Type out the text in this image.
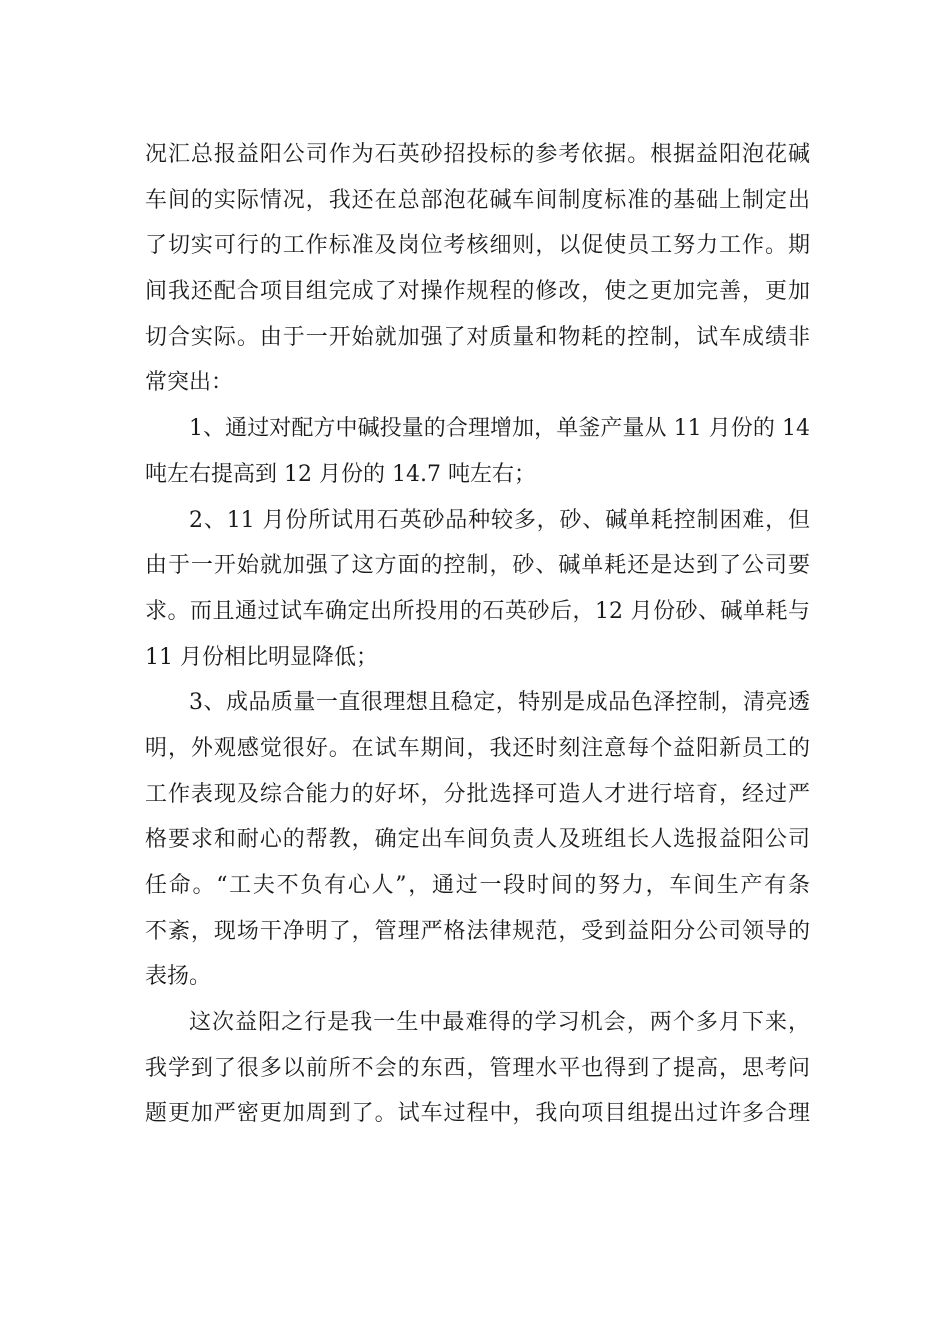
况汇总报益阳公司作为石英砂招投标的参考依据。根据益阳泡花碱
车间的实际情况，我还在总部泡花碱车间制度标准的基础上制定出
了切实可行的工作标准及岗位考核细则，以促使员工努力工作。期
间我还配合项目组完成了对操作规程的修改，使之更加完善，更加
切合实际。由于一开始就加强了对质量和物耗的控制，试车成绩非
常突出：
1、通过对配方中碱投量的合理增加，单釜产量从 11 月份的 14
吨左右提高到 12 月份的 14.7 吨左右；
2、11 月份所试用石英砂品种较多，砂、碱单耗控制困难，但
由于一开始就加强了这方面的控制，砂、碱单耗还是达到了公司要
求。而且通过试车确定出所投用的石英砂后，12 月份砂、碱单耗与
11 月份相比明显降低；
3、成品质量一直很理想且稳定，特别是成品色泽控制，清亮透
明，外观感觉很好。在试车期间，我还时刻注意每个益阳新员工的
工作表现及综合能力的好坏，分批选择可造人才进行培育，经过严
格要求和耐心的帮教，确定出车间负责人及班组长人选报益阳公司
任命。“工夫不负有心人”，通过一段时间的努力，车间生产有条
不紊，现场干净明了，管理严格法律规范，受到益阳分公司领导的
表扬。
这次益阳之行是我一生中最难得的学习机会，两个多月下来，
我学到了很多以前所不会的东西，管理水平也得到了提高，思考问
题更加严密更加周到了。试车过程中，我向项目组提出过许多合理
